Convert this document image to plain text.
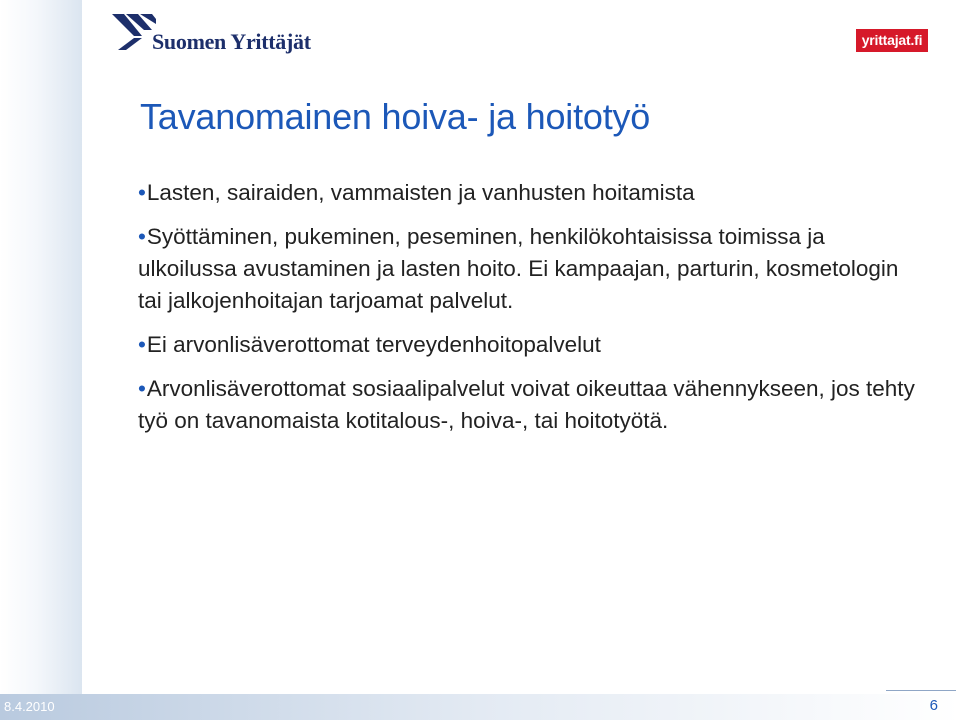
Suomen Yrittäjät	yrittajat.fi
Tavanomainen hoiva- ja hoitotyö
•Lasten, sairaiden, vammaisten ja vanhusten hoitamista
•Syöttäminen, pukeminen, peseminen, henkilökohtaisissa toimissa ja ulkoilussa avustaminen ja lasten hoito. Ei kampaajan, parturin, kosmetologin tai jalkojenhoitajan tarjoamat palvelut.
•Ei arvonlisäverottomat terveydenhoitopalvelut
•Arvonlisäverottomat sosiaalipalvelut voivat oikeuttaa vähennykseen, jos tehty työ on tavanomaista kotitalous-, hoiva-, tai hoitotyötä.
8.4.2010	6
